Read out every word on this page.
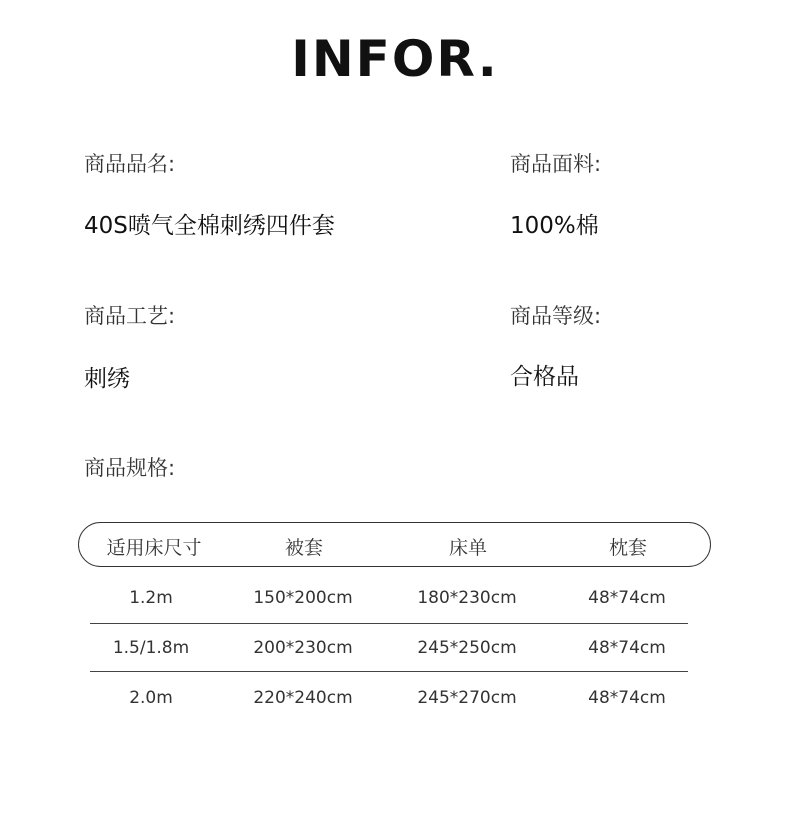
INFOR.
商品品名:
40S喷气全棉刺绣四件套
商品面料:
100%棉
商品工艺:
刺绣
商品等级:
合格品
商品规格:
适用床尺寸	被套	床单	枕套
1.2m	150*200cm	180*230cm	48*74cm
1.5/1.8m	200*230cm	245*250cm	48*74cm
2.0m	220*240cm	245*270cm	48*74cm
